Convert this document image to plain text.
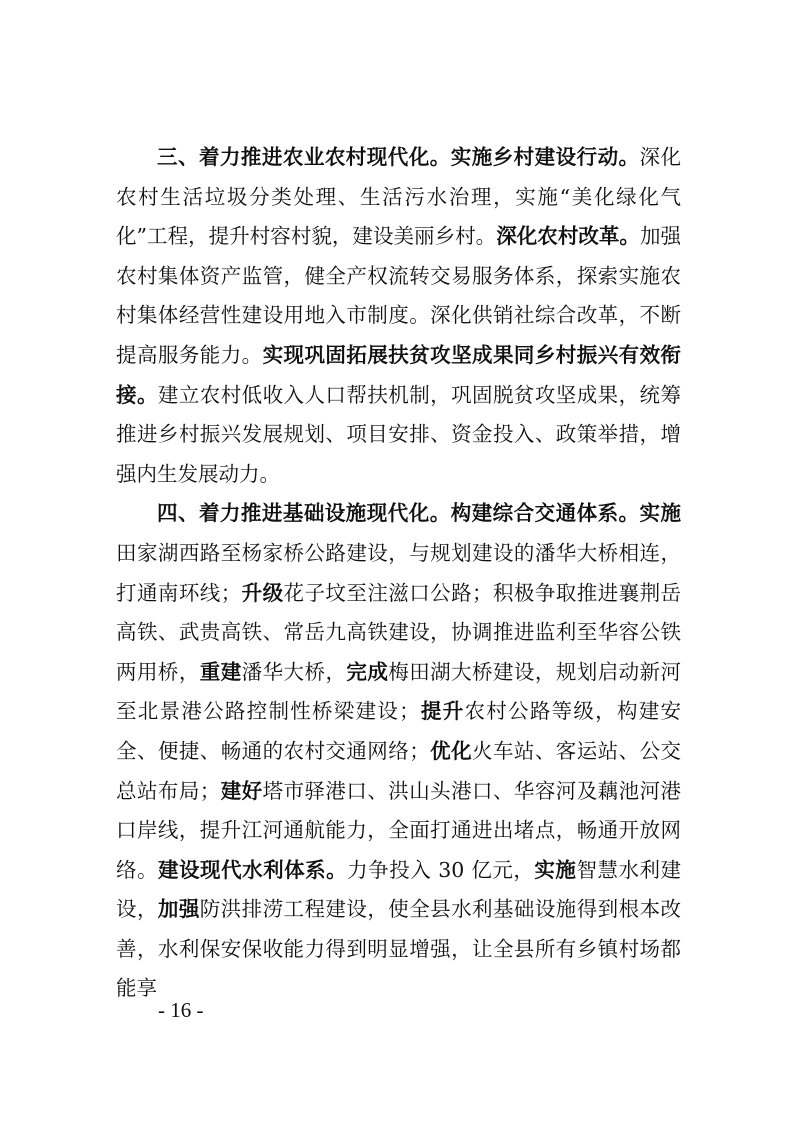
三、着力推进农业农村现代化。实施乡村建设行动。深化农村生活垃圾分类处理、生活污水治理，实施“美化绿化气化”工程，提升村容村貌，建设美丽乡村。深化农村改革。加强农村集体资产监管，健全产权流转交易服务体系，探索实施农村集体经营性建设用地入市制度。深化供销社综合改革，不断提高服务能力。实现巩固拓展扶贫攻坚成果同乡村振兴有效衔接。建立农村低收入人口帮扶机制，巩固脱贫攻坚成果，统筹推进乡村振兴发展规划、项目安排、资金投入、政策举措，增强内生发展动力。

四、着力推进基础设施现代化。构建综合交通体系。实施田家湖西路至杨家桥公路建设，与规划建设的潘华大桥相连，打通南环线；升级花子坟至注滋口公路；积极争取推进襄荆岳高铁、武贵高铁、常岳九高铁建设，协调推进监利至华容公铁两用桥，重建潘华大桥，完成梅田湖大桥建设，规划启动新河至北景港公路控制性桥梁建设；提升农村公路等级，构建安全、便捷、畅通的农村交通网络；优化火车站、客运站、公交总站布局；建好塔市驿港口、洪山头港口、华容河及藕池河港口岸线，提升江河通航能力，全面打通进出堵点，畅通开放网络。建设现代水利体系。力争投入 30 亿元，实施智慧水利建设，加强防洪排涝工程建设，使全县水利基础设施得到根本改善，水利保安保收能力得到明显增强，让全县所有乡镇村场都能享

- 16 -
